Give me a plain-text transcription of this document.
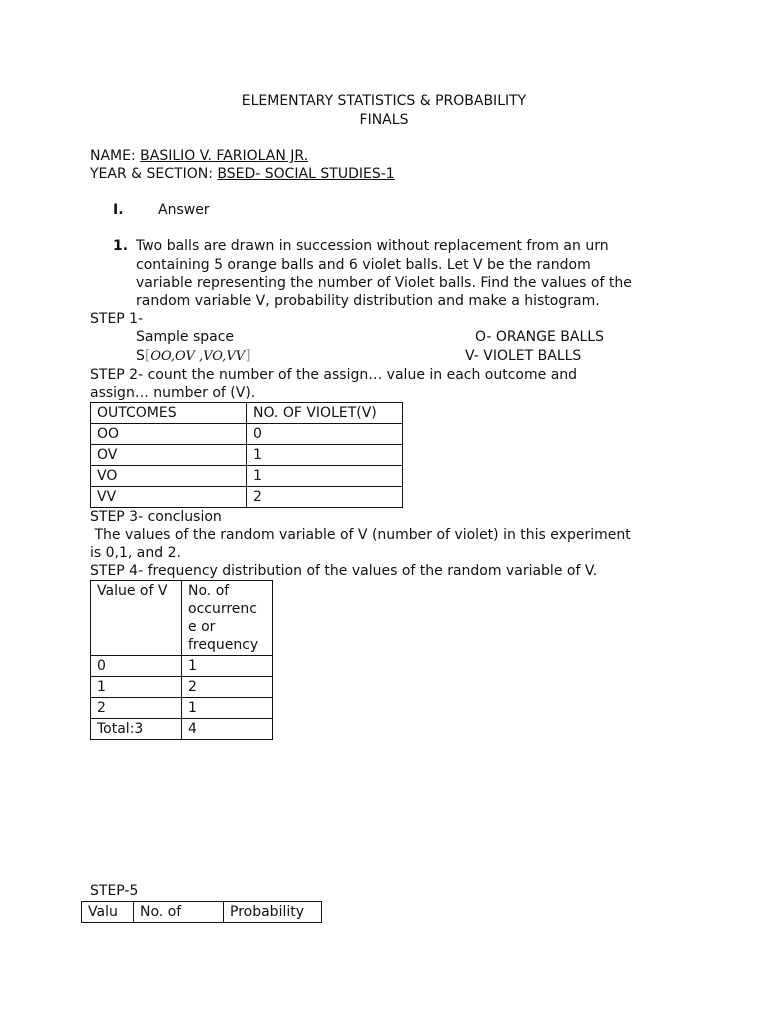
ELEMENTARY STATISTICS & PROBABILITY
FINALS
NAME: BASILIO V. FARIOLAN JR.
YEAR & SECTION: BSED- SOCIAL STUDIES-1
I. Answer
1. Two balls are drawn in succession without replacement from an urn
containing 5 orange balls and 6 violet balls. Let V be the random
variable representing the number of Violet balls. Find the values of the
random variable V, probability distribution and make a histogram.
STEP 1-
Sample space	O- ORANGE BALLS
S[OO,OV ,VO,VV]	V- VIOLET BALLS
STEP 2- count the number of the assign… value in each outcome and
assign… number of (V).
OUTCOMES	NO. OF VIOLET(V)
OO	0
OV	1
VO	1
VV	2
STEP 3- conclusion
The values of the random variable of V (number of violet) in this experiment
is 0,1, and 2.
STEP 4- frequency distribution of the values of the random variable of V.
Value of V	No. of
occurrenc
e or
frequency

0	1
1	2
2	1
Total:3	4
STEP-5
Valu	No. of	Probability
